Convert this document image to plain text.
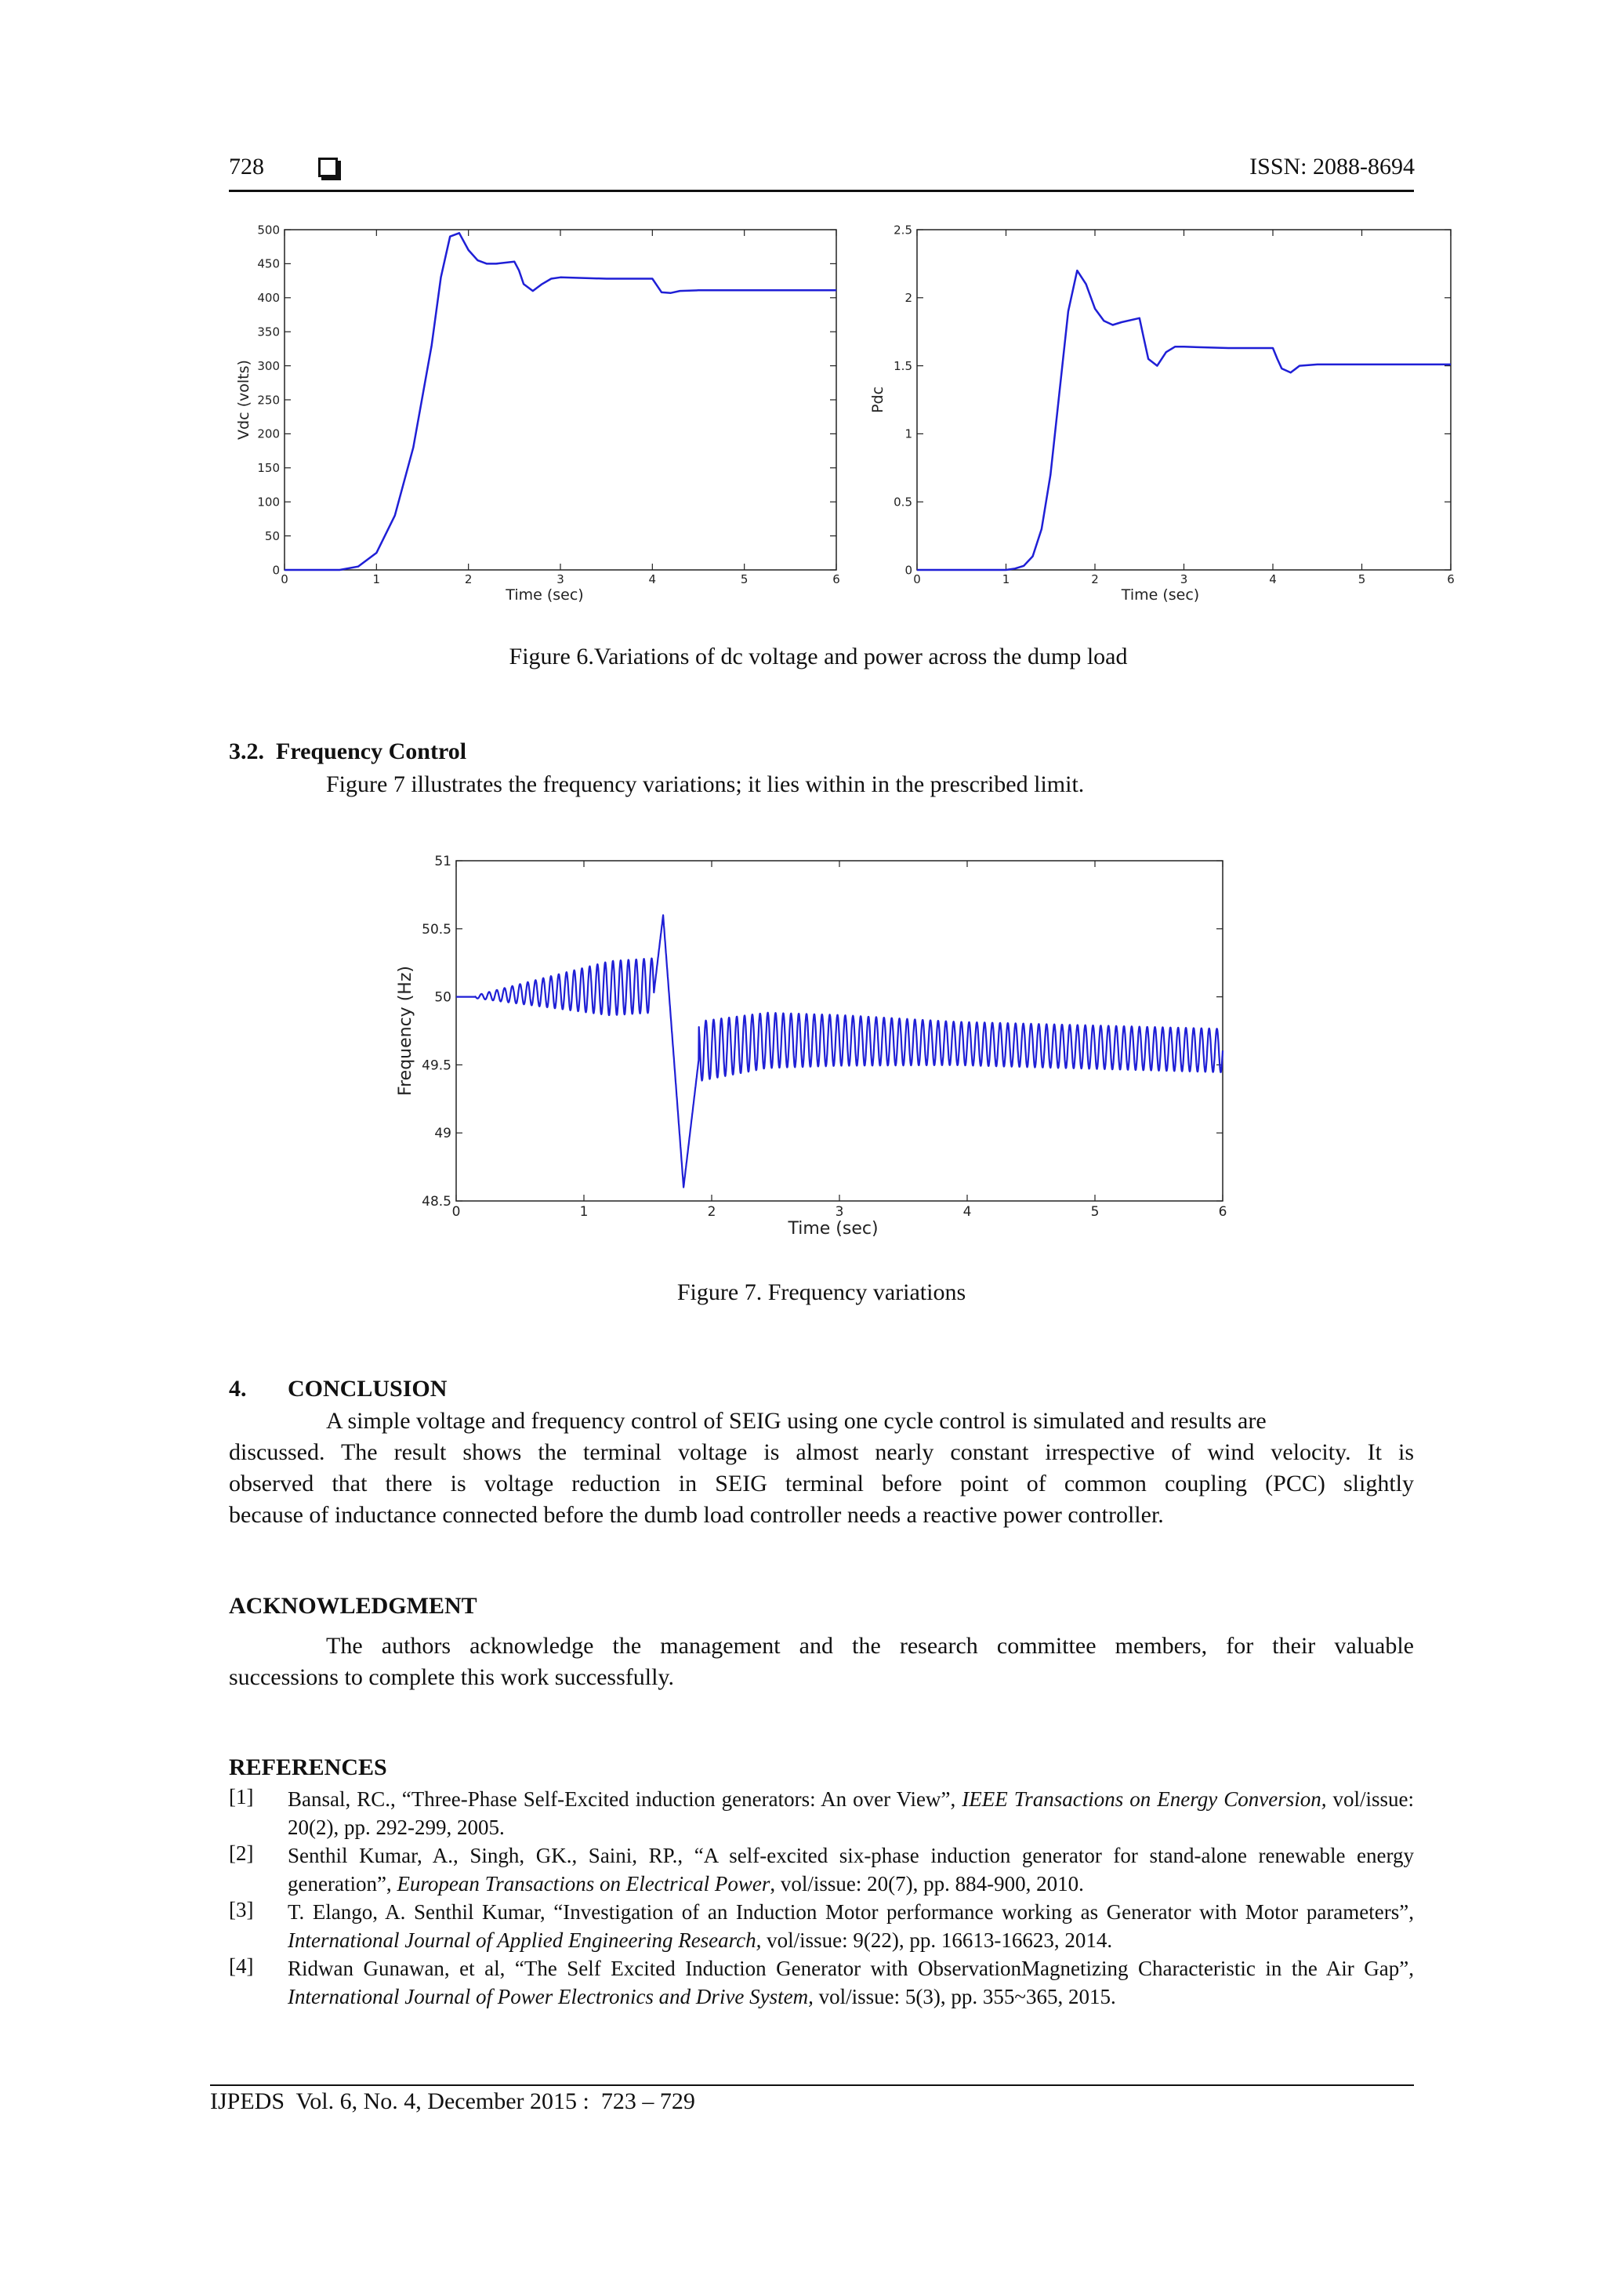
728	ISSN: 2088-8694
0	1	2	3	4	5	6
0
50
100
150
200
250
300
350
400
450
500
Time (sec)
Vdc (volts)
0	1	2	3	4	5	6
0
0.5
1
1.5
2
2.5
Time (sec)
Pdc
Figure 6.Variations of dc voltage and power across the dump load
3.2.  Frequency Control
Figure 7 illustrates the frequency variations; it lies within in the prescribed limit.
0	1	2	3	4	5	6
48.5
49
49.5
50
50.5
51
Time (sec)
Frequency (Hz)
Figure 7. Frequency variations
4. CONCLUSION
A simple voltage and frequency control of SEIG using one cycle control is simulated and results are
discussed. The result shows the terminal voltage is almost nearly constant irrespective of wind velocity. It is
observed that there is voltage reduction in SEIG terminal before point of common coupling (PCC) slightly
because of inductance connected before the dumb load controller needs a reactive power controller.
ACKNOWLEDGMENT
The authors acknowledge the management and the research committee members, for their valuable
successions to complete this work successfully.
REFERENCES
[1] Bansal, RC., “Three-Phase Self-Excited induction generators: An over View”, IEEE Transactions on Energy Conversion, vol/issue: 20(2), pp. 292-299, 2005.
[2] Senthil Kumar, A., Singh, GK., Saini, RP., “A self-excited six-phase induction generator for stand-alone renewable energy generation”, European Transactions on Electrical Power, vol/issue: 20(7), pp. 884-900, 2010.
[3] T. Elango, A. Senthil Kumar, “Investigation of an Induction Motor performance working as Generator with Motor parameters”, International Journal of Applied Engineering Research, vol/issue: 9(22), pp. 16613-16623, 2014.
[4] Ridwan Gunawan, et al, “The Self Excited Induction Generator with ObservationMagnetizing Characteristic in the Air Gap”, International Journal of Power Electronics and Drive System, vol/issue: 5(3), pp. 355~365, 2015.
IJPEDS  Vol. 6, No. 4, December 2015 :  723 – 729
